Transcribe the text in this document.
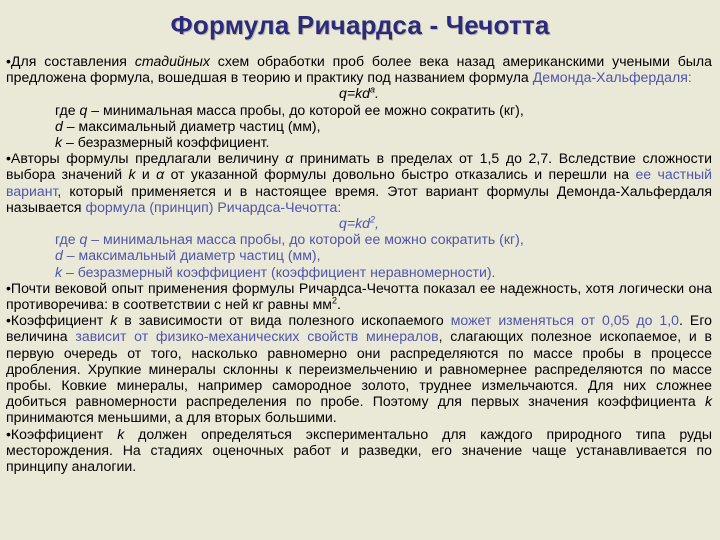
Формула Ричардса - Чечотта

•Для составления стадийных схем обработки проб более века назад американскими учеными была предложена формула, вошедшая в теорию и практику под названием формула Демонда-Хальфердаля:

$q=kd^a$.

где q – минимальная масса пробы, до которой ее можно сократить (кг),

d – максимальный диаметр частиц (мм),

k – безразмерный коэффициент.

•Авторы формулы предлагали величину α принимать в пределах от 1,5 до 2,7. Вследствие сложности выбора значений k и α от указанной формулы довольно быстро отказались и перешли на ее частный вариант, который применяется и в настоящее время. Этот вариант формулы Демонда-Хальфердаля называется формула (принцип) Ричардса-Чечотта:

$q=kd^2$,

где q – минимальная масса пробы, до которой ее можно сократить (кг),

d – максимальный диаметр частиц (мм),

k – безразмерный коэффициент (коэффициент неравномерности).

•Почти вековой опыт применения формулы Ричардса-Чечотта показал ее надежность, хотя логически она противоречива: в соответствии с ней кг равны $мм^2$.

•Коэффициент k в зависимости от вида полезного ископаемого может изменяться от 0,05 до 1,0. Его величина зависит от физико-механических свойств минералов, слагающих полезное ископаемое, и в первую очередь от того, насколько равномерно они распределяются по массе пробы в процессе дробления. Хрупкие минералы склонны к переизмельчению и равномернее распределяются по массе пробы. Ковкие минералы, например самородное золото, труднее измельчаются. Для них сложнее добиться равномерности распределения по пробе. Поэтому для первых значения коэффициента k принимаются меньшими, а для вторых большими.

•Коэффициент k должен определяться экспериментально для каждого природного типа руды месторождения. На стадиях оценочных работ и разведки, его значение чаще устанавливается по принципу аналогии.
